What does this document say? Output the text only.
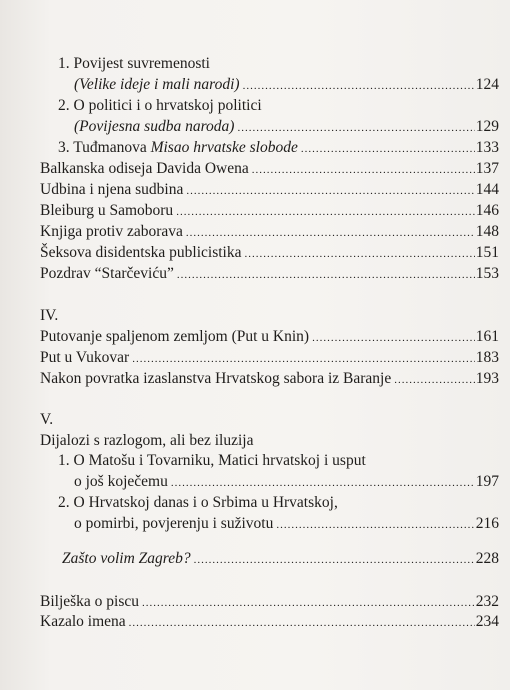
1. Povijest suvremenosti
(Velike ideje i mali narodi) .....	124
2. O politici i o hrvatskoj politici
(Povijesna sudba naroda) .....	129
3. Tuđmanova Misao hrvatske slobode .....	133
Balkanska odiseja Davida Owena .....	137
Udbina i njena sudbina .....	144
Bleiburg u Samoboru .....	146
Knjiga protiv zaborava .....	148
Šeksova disidentska publicistika .....	151
Pozdrav “Starčeviću” .....	153
IV.
Putovanje spaljenom zemljom (Put u Knin) .....	161
Put u Vukovar .....	183
Nakon povratka izaslanstva Hrvatskog sabora iz Baranje .....	193
V.
Dijalozi s razlogom, ali bez iluzija
1. O Matošu i Tovarniku, Matici hrvatskoj i usput
o još koječemu .....	197
2. O Hrvatskoj danas i o Srbima u Hrvatskoj,
o pomirbi, povjerenju i suživotu .....	216
Zašto volim Zagreb? .....	228
Bilješka o piscu .....	232
Kazalo imena .....	234
